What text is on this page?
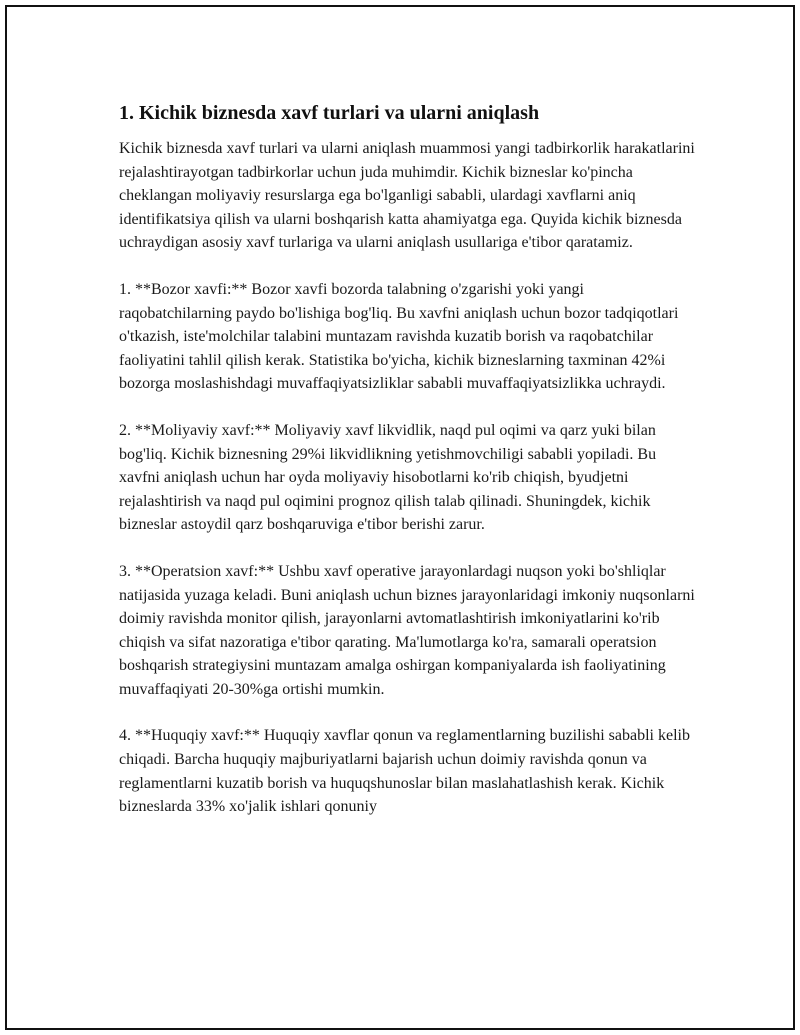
1. Kichik biznesda xavf turlari va ularni aniqlash

Kichik biznesda xavf turlari va ularni aniqlash muammosi yangi tadbirkorlik harakatlarini rejalashtirayotgan tadbirkorlar uchun juda muhimdir. Kichik bizneslar ko'pincha cheklangan moliyaviy resurslarga ega bo'lganligi sababli, ulardagi xavflarni aniq identifikatsiya qilish va ularni boshqarish katta ahamiyatga ega. Quyida kichik biznesda uchraydigan asosiy xavf turlariga va ularni aniqlash usullariga e'tibor qaratamiz.

1. **Bozor xavfi:** Bozor xavfi bozorda talabning o'zgarishi yoki yangi raqobatchilarning paydo bo'lishiga bog'liq. Bu xavfni aniqlash uchun bozor tadqiqotlari o'tkazish, iste'molchilar talabini muntazam ravishda kuzatib borish va raqobatchilar faoliyatini tahlil qilish kerak. Statistika bo'yicha, kichik bizneslarning taxminan 42%i bozorga moslashishdagi muvaffaqiyatsizliklar sababli muvaffaqiyatsizlikka uchraydi.

2. **Moliyaviy xavf:** Moliyaviy xavf likvidlik, naqd pul oqimi va qarz yuki bilan bog'liq. Kichik biznesning 29%i likvidlikning yetishmovchiligi sababli yopiladi. Bu xavfni aniqlash uchun har oyda moliyaviy hisobotlarni ko'rib chiqish, byudjetni rejalashtirish va naqd pul oqimini prognoz qilish talab qilinadi. Shuningdek, kichik bizneslar astoydil qarz boshqaruviga e'tibor berishi zarur.

3. **Operatsion xavf:** Ushbu xavf operative jarayonlardagi nuqson yoki bo'shliqlar natijasida yuzaga keladi. Buni aniqlash uchun biznes jarayonlaridagi imkoniy nuqsonlarni doimiy ravishda monitor qilish, jarayonlarni avtomatlashtirish imkoniyatlarini ko'rib chiqish va sifat nazoratiga e'tibor qarating. Ma'lumotlarga ko'ra, samarali operatsion boshqarish strategiysini muntazam amalga oshirgan kompaniyalarda ish faoliyatining muvaffaqiyati 20-30%ga ortishi mumkin.

4. **Huquqiy xavf:** Huquqiy xavflar qonun va reglamentlarning buzilishi sababli kelib chiqadi. Barcha huquqiy majburiyatlarni bajarish uchun doimiy ravishda qonun va reglamentlarni kuzatib borish va huquqshunoslar bilan maslahatlashish kerak. Kichik bizneslarda 33% xo'jalik ishlari qonuniy
